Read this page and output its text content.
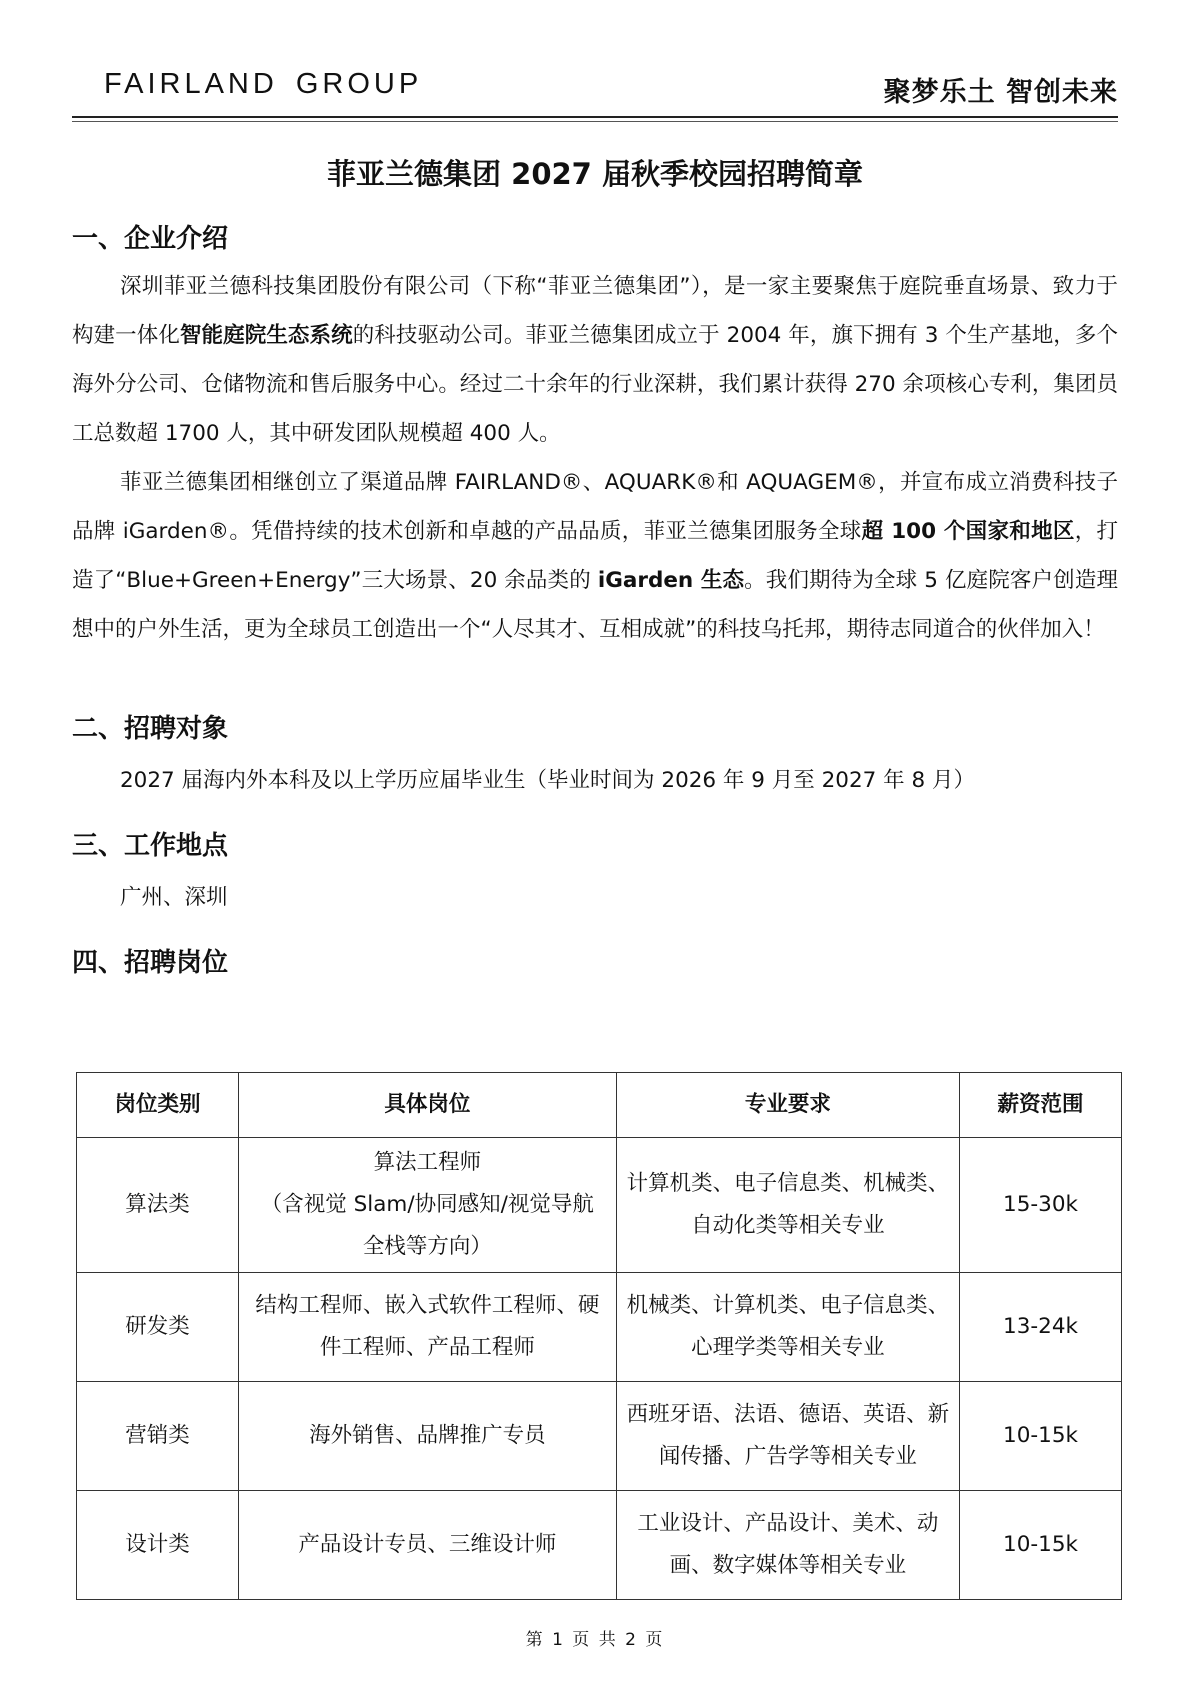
FAIRLAND GROUP	聚梦乐土 智创未来
菲亚兰德集团 2027 届秋季校园招聘简章
一、企业介绍

深圳菲亚兰德科技集团股份有限公司（下称“菲亚兰德集团”），是一家主要聚焦于庭院垂直场景、致力于构建一体化智能庭院生态系统的科技驱动公司。菲亚兰德集团成立于 2004 年，旗下拥有 3 个生产基地，多个海外分公司、仓储物流和售后服务中心。经过二十余年的行业深耕，我们累计获得 270 余项核心专利，集团员工总数超 1700 人，其中研发团队规模超 400 人。

菲亚兰德集团相继创立了渠道品牌 FAIRLAND®、AQUARK®和 AQUAGEM®，并宣布成立消费科技子品牌 iGarden®。凭借持续的技术创新和卓越的产品品质，菲亚兰德集团服务全球超 100 个国家和地区，打造了“Blue+Green+Energy”三大场景、20 余品类的 iGarden 生态。我们期待为全球 5 亿庭院客户创造理想中的户外生活，更为全球员工创造出一个“人尽其才、互相成就”的科技乌托邦，期待志同道合的伙伴加入！

二、招聘对象
2027 届海内外本科及以上学历应届毕业生（毕业时间为 2026 年 9 月至 2027 年 8 月）
三、工作地点
广州、深圳
四、招聘岗位
岗位类别	具体岗位	专业要求	薪资范围
算法类	算法工程师
（含视觉 Slam/协同感知/视觉导航
全栈等方向）	计算机类、电子信息类、机械类、自动化类等相关专业	15-30k
研发类	结构工程师、嵌入式软件工程师、硬件工程师、产品工程师	机械类、计算机类、电子信息类、心理学类等相关专业	13-24k
营销类	海外销售、品牌推广专员	西班牙语、法语、德语、英语、新闻传播、广告学等相关专业	10-15k
设计类	产品设计专员、三维设计师	工业设计、产品设计、美术、动画、数字媒体等相关专业	10-15k
第 1 页 共 2 页
